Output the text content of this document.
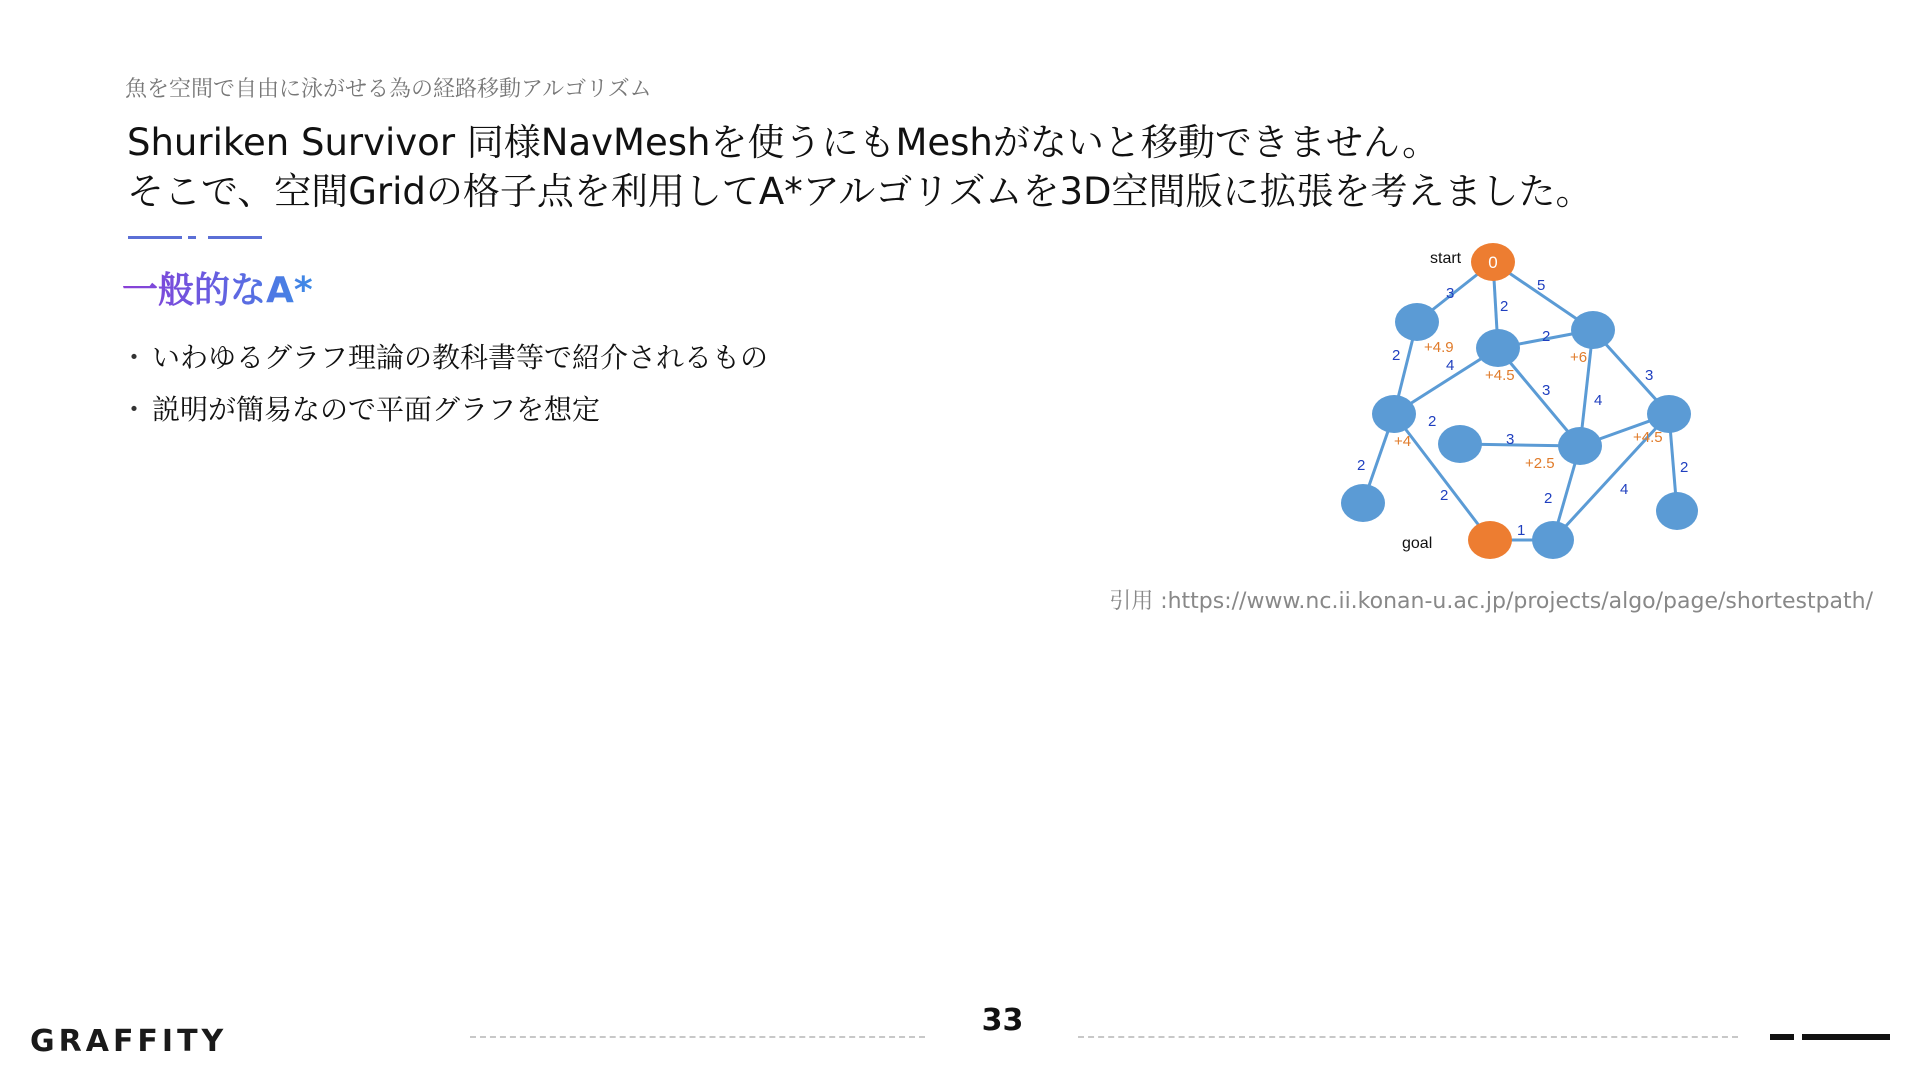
魚を空間で自由に泳がせる為の経路移動アルゴリズム
Shuriken Survivor 同様NavMeshを使うにもMeshがないと移動できません。
そこで、空間Gridの格子点を利用してA*アルゴリズムを3D空間版に拡張を考えました。
一般的なA*
・ いわゆるグラフ理論の教科書等で紹介されるもの
・ 説明が簡易なので平面グラフを想定
0
start
goal
3
2
5
2
4
2
2
3
4
3
2
3
2	2
1
4
2
+4.9
+4.5
+6
+4
+2.5
+4.5
引用 :https://www.nc.ii.konan-u.ac.jp/projects/algo/page/shortestpath/
33
GRAFFITY
